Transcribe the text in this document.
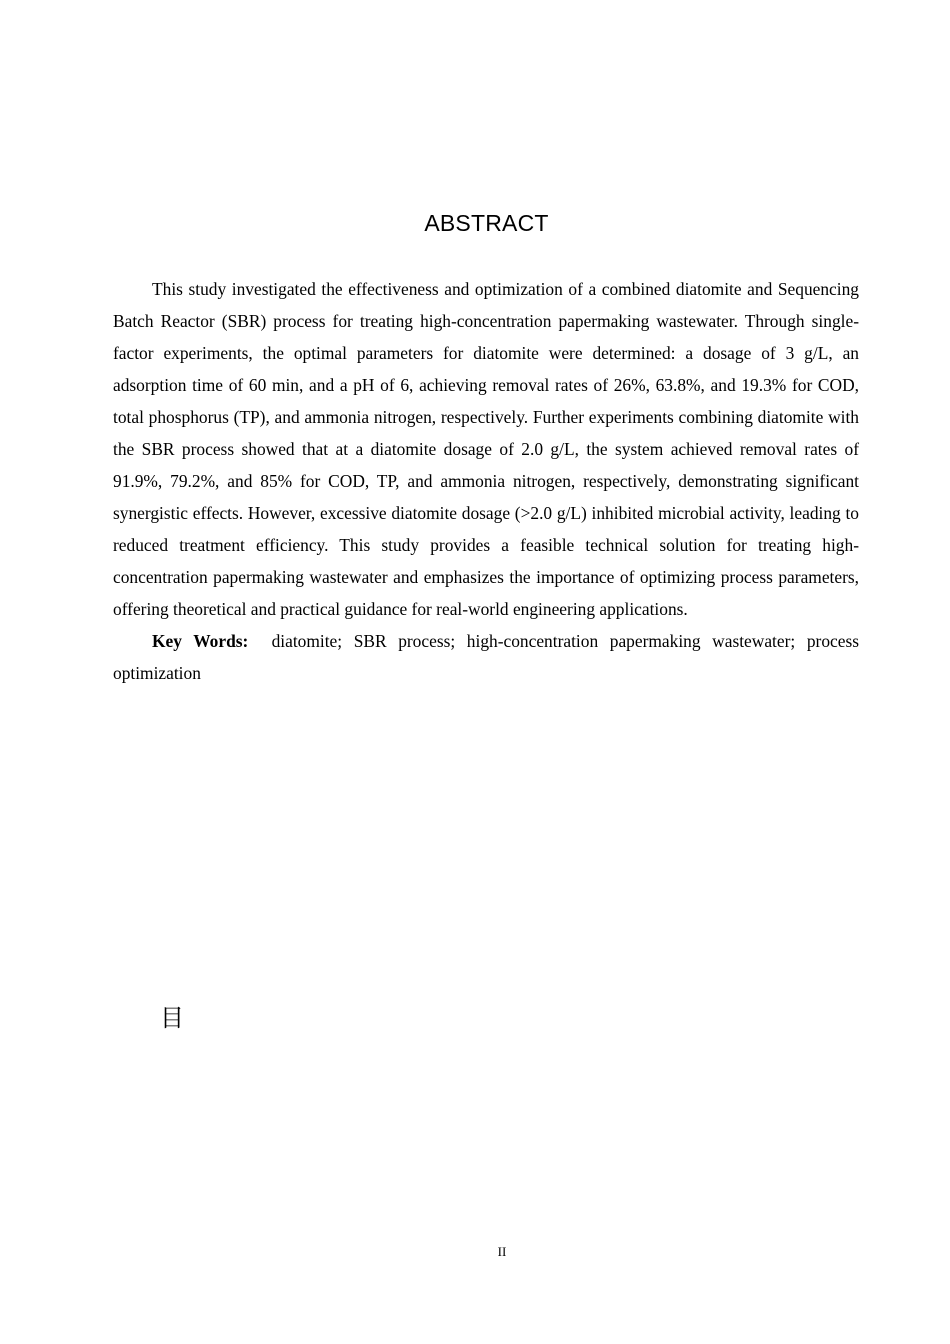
ABSTRACT

This study investigated the effectiveness and optimization of a combined diatomite and Sequencing Batch Reactor (SBR) process for treating high-concentration papermaking wastewater. Through single-factor experiments, the optimal parameters for diatomite were determined: a dosage of 3 g/L, an adsorption time of 60 min, and a pH of 6, achieving removal rates of 26%, 63.8%, and 19.3% for COD, total phosphorus (TP), and ammonia nitrogen, respectively. Further experiments combining diatomite with the SBR process showed that at a diatomite dosage of 2.0 g/L, the system achieved removal rates of 91.9%, 79.2%, and 85% for COD, TP, and ammonia nitrogen, respectively, demonstrating significant synergistic effects. However, excessive diatomite dosage (>2.0 g/L) inhibited microbial activity, leading to reduced treatment efficiency. This study provides a feasible technical solution for treating high-concentration papermaking wastewater and emphasizes the importance of optimizing process parameters, offering theoretical and practical guidance for real-world engineering applications.

Key Words: diatomite; SBR process; high-concentration papermaking wastewater; process optimization

目
II
